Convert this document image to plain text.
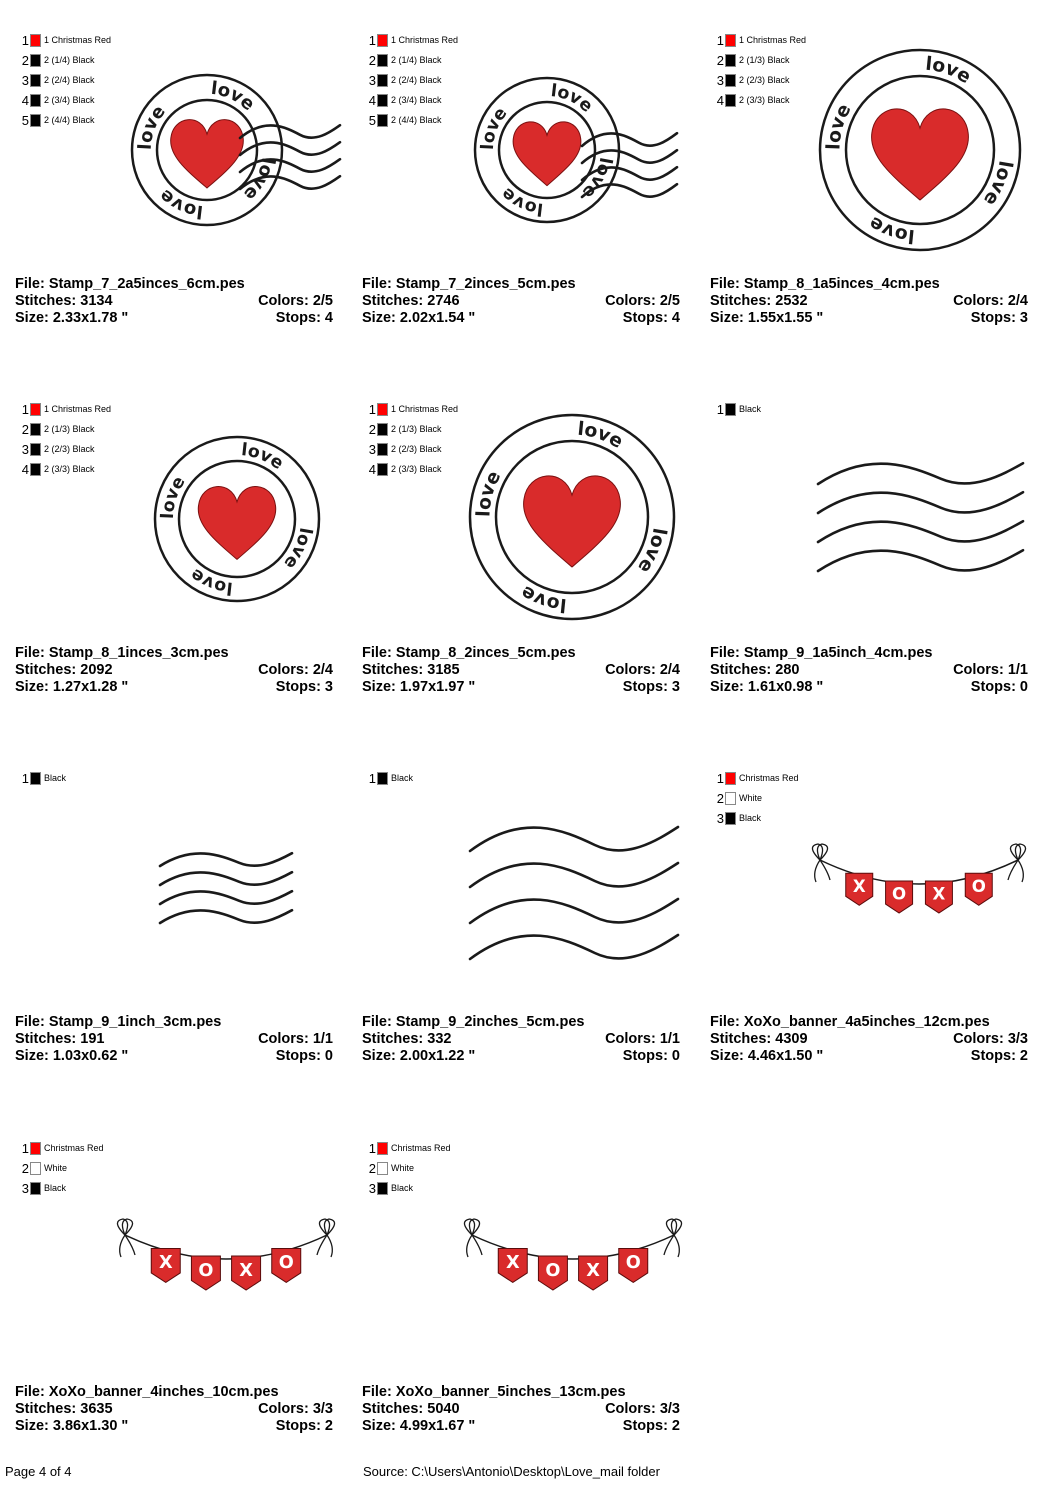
1 1 Christmas Red
2 2 (1/4) Black
3 2 (2/4) Black
4 2 (3/4) Black
5 2 (4/4) Black
love
love
love
love
File: Stamp_7_2a5inces_6cm.pes
Stitches: 3134	Colors: 2/5
Size: 2.33x1.78 "	Stops: 4
1 1 Christmas Red
2 2 (1/4) Black
3 2 (2/4) Black
4 2 (3/4) Black
5 2 (4/4) Black
love
love
love
love
File: Stamp_7_2inces_5cm.pes
Stitches: 2746	Colors: 2/5
Size: 2.02x1.54 "	Stops: 4
1 1 Christmas Red
2 2 (1/3) Black
3 2 (2/3) Black
4 2 (3/3) Black
love
love
love
love
File: Stamp_8_1a5inces_4cm.pes
Stitches: 2532	Colors: 2/4
Size: 1.55x1.55 "	Stops: 3
1 1 Christmas Red
2 2 (1/3) Black
3 2 (2/3) Black
4 2 (3/3) Black
love
love
love
love
File: Stamp_8_1inces_3cm.pes
Stitches: 2092	Colors: 2/4
Size: 1.27x1.28 "	Stops: 3
1 1 Christmas Red
2 2 (1/3) Black
3 2 (2/3) Black
4 2 (3/3) Black
love
love
love
love
File: Stamp_8_2inces_5cm.pes
Stitches: 3185	Colors: 2/4
Size: 1.97x1.97 "	Stops: 3
1 Black
File: Stamp_9_1a5inch_4cm.pes
Stitches: 280	Colors: 1/1
Size: 1.61x0.98 "	Stops: 0
1 Black
File: Stamp_9_1inch_3cm.pes
Stitches: 191	Colors: 1/1
Size: 1.03x0.62 "	Stops: 0
1 Black
File: Stamp_9_2inches_5cm.pes
Stitches: 332	Colors: 1/1
Size: 2.00x1.22 "	Stops: 0
1 Christmas Red
2 White
3 Black
X O X O
File: XoXo_banner_4a5inches_12cm.pes
Stitches: 4309	Colors: 3/3
Size: 4.46x1.50 "	Stops: 2
1 Christmas Red
2 White
3 Black
X O X O
File: XoXo_banner_4inches_10cm.pes
Stitches: 3635	Colors: 3/3
Size: 3.86x1.30 "	Stops: 2
1 Christmas Red
2 White
3 Black
X O X O
File: XoXo_banner_5inches_13cm.pes
Stitches: 5040	Colors: 3/3
Size: 4.99x1.67 "	Stops: 2
Page 4 of 4	Source: C:\Users\Antonio\Desktop\Love_mail folder
